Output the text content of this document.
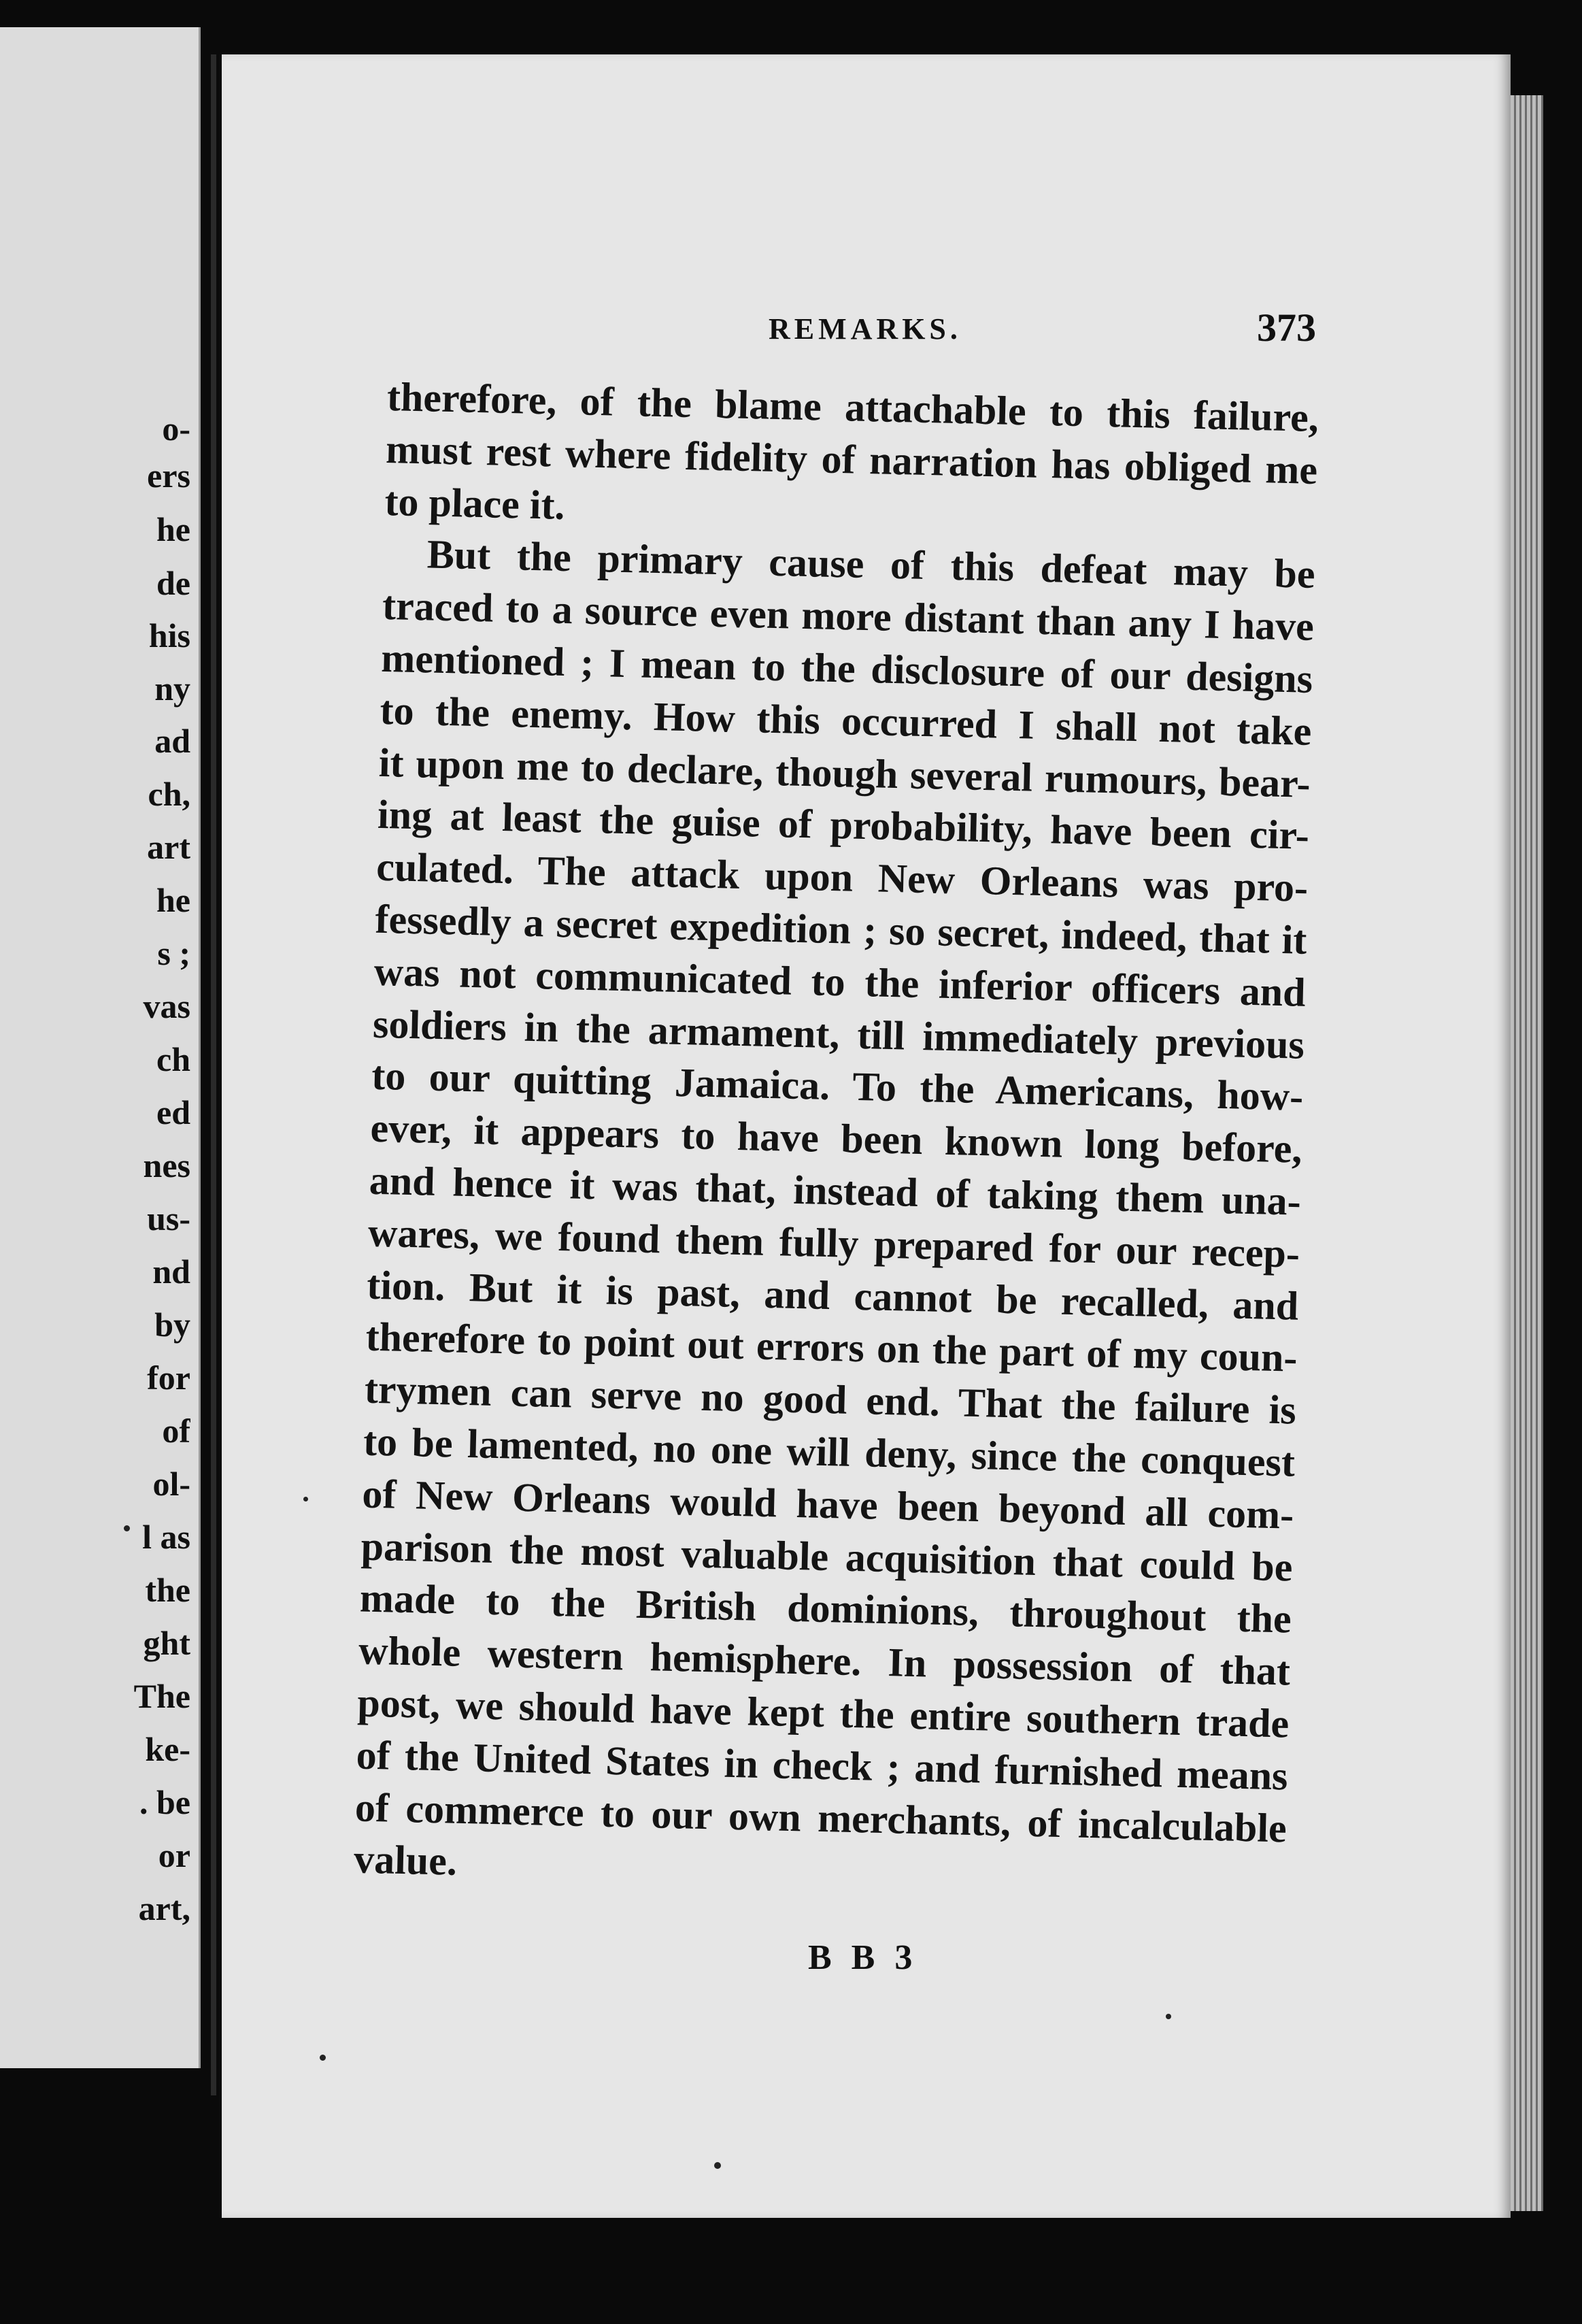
o-
ers
he
de
his
ny
ad
ch,
art
he
s ;
vas
ch
ed
nes
us-
nd
by
for
of
ol-
l as
the
ght
The
ke-
. be
or
art,
REMARKS.	373
therefore, of the blame attachable to this failure,
must rest where fidelity of narration has obliged me
to place it.
But the primary cause of this defeat may be
traced to a source even more distant than any I have
mentioned ; I mean to the disclosure of our designs
to the enemy. How this occurred I shall not take
it upon me to declare, though several rumours, bear-
ing at least the guise of probability, have been cir-
culated. The attack upon New Orleans was pro-
fessedly a secret expedition ; so secret, indeed, that it
was not communicated to the inferior officers and
soldiers in the armament, till immediately previous
to our quitting Jamaica. To the Americans, how-
ever, it appears to have been known long before,
and hence it was that, instead of taking them una-
wares, we found them fully prepared for our recep-
tion. But it is past, and cannot be recalled, and
therefore to point out errors on the part of my coun-
trymen can serve no good end. That the failure is
to be lamented, no one will deny, since the conquest
of New Orleans would have been beyond all com-
parison the most valuable acquisition that could be
made to the British dominions, throughout the
whole western hemisphere. In possession of that
post, we should have kept the entire southern trade
of the United States in check ; and furnished means
of commerce to our own merchants, of incalculable
value.
B B 3
